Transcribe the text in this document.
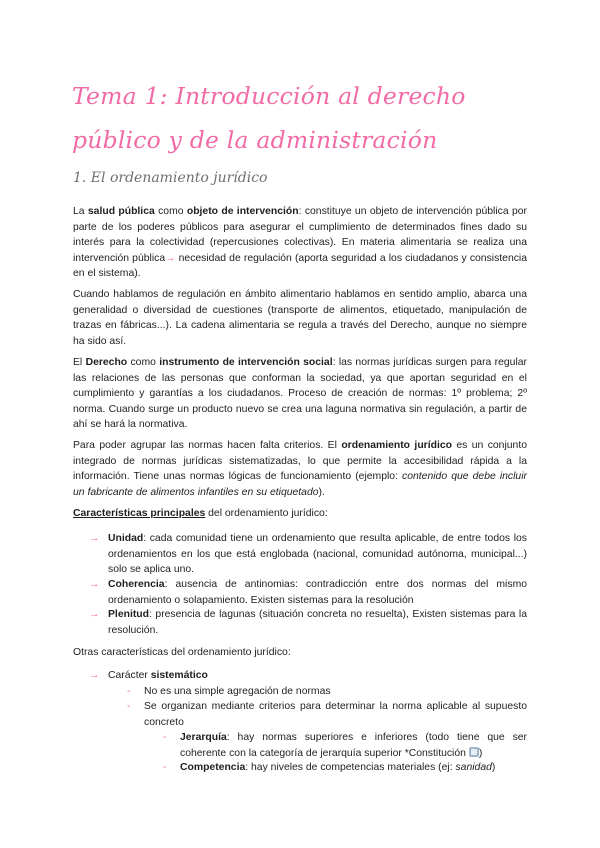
Tema 1: Introducción al derecho público y de la administración
1. El ordenamiento jurídico

La salud pública como objeto de intervención: constituye un objeto de intervención pública por parte de los poderes públicos para asegurar el cumplimiento de determinados fines dado su interés para la colectividad (repercusiones colectivas). En materia alimentaria se realiza una intervención pública→ necesidad de regulación (aporta seguridad a los ciudadanos y consistencia en el sistema).

Cuando hablamos de regulación en ámbito alimentario hablamos en sentido amplio, abarca una generalidad o diversidad de cuestiones (transporte de alimentos, etiquetado, manipulación de trazas en fábricas...). La cadena alimentaria se regula a través del Derecho, aunque no siempre ha sido así.

El Derecho como instrumento de intervención social: las normas jurídicas surgen para regular las relaciones de las personas que conforman la sociedad, ya que aportan seguridad en el cumplimiento y garantías a los ciudadanos. Proceso de creación de normas: 1º problema; 2º norma. Cuando surge un producto nuevo se crea una laguna normativa sin regulación, a partir de ahí se hará la normativa.

Para poder agrupar las normas hacen falta criterios. El ordenamiento jurídico es un conjunto integrado de normas jurídicas sistematizadas, lo que permite la accesibilidad rápida a la información. Tiene unas normas lógicas de funcionamiento (ejemplo: contenido que debe incluir un fabricante de alimentos infantiles en su etiquetado).

Características principales del ordenamiento jurídico:

→ Unidad: cada comunidad tiene un ordenamiento que resulta aplicable, de entre todos los ordenamientos en los que está englobada (nacional, comunidad autónoma, municipal...) solo se aplica uno.
→ Coherencia: ausencia de antinomias: contradicción entre dos normas del mismo ordenamiento o solapamiento. Existen sistemas para la resolución
→ Plenitud: presencia de lagunas (situación concreta no resuelta), Existen sistemas para la resolución.

Otras características del ordenamiento jurídico:

→ Carácter sistemático
- No es una simple agregación de normas
- Se organizan mediante criterios para determinar la norma aplicable al supuesto concreto
- Jerarquía: hay normas superiores e inferiores (todo tiene que ser coherente con la categoría de jerarquía superior *Constitución )
- Competencia: hay niveles de competencias materiales (ej: sanidad)
